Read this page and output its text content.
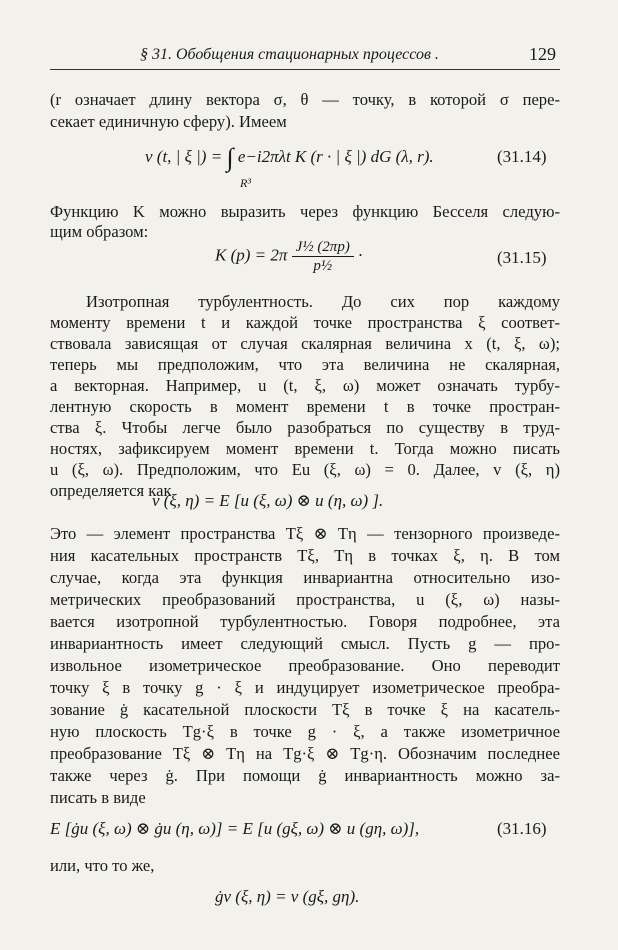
§ 31. Обобщения стационарных процессов .	129
(r означает длину вектора σ, θ — точку, в которой σ пере-
секает единичную сферу). Имеем
v (t, | ξ |) = ∫ e−i2πλt K (r · | ξ |) dG (λ, r).
R³
(31.14)
Функцию K можно выразить через функцию Бесселя следую-
щим образом:
K $(p) = 2\pi \frac{\text{J½ (2πp)}}{\text{p½}}$ ·	(31.15)
Изотропная турбулентность. До сих пор каждому
моменту времени t и каждой точке пространства ξ соответ-
ствовала зависящая от случая скалярная величина x (t, ξ, ω);
теперь мы предположим, что эта величина не скалярная,
а векторная. Например, u (t, ξ, ω) может означать турбу-
лентную скорость в момент времени t в точке простран-
ства ξ. Чтобы легче было разобраться по существу в труд-
ностях, зафиксируем момент времени t. Тогда можно писать
u (ξ, ω). Предположим, что Eu (ξ, ω) = 0. Далее, v (ξ, η)
определяется как
v (ξ, η) = E [u (ξ, ω) ⊗ u (η, ω) ].
Это — элемент пространства Tξ ⊗ Tη — тензорного произведе-
ния касательных пространств Tξ, Tη в точках ξ, η. В том
случае, когда эта функция инвариантна относительно изо-
метрических преобразований пространства, u (ξ, ω) назы-
вается изотропной турбулентностью. Говоря подробнее, эта
инвариантность имеет следующий смысл. Пусть g — про-
извольное изометрическое преобразование. Оно переводит
точку ξ в точку g · ξ и индуцирует изометрическое преобра-
зование ġ касательной плоскости Tξ в точке ξ на касатель-
ную плоскость Tg·ξ в точке g · ξ, а также изометричное
преобразование Tξ ⊗ Tη на Tg·ξ ⊗ Tg·η. Обозначим последнее
также через ġ. При помощи ġ инвариантность можно за-
писать в виде
E [ġu (ξ, ω) ⊗ ġu (η, ω)] = E [u (gξ, ω) ⊗ u (gη, ω)],	(31.16)
или, что то же,
ġv (ξ, η) = v (gξ, gη).
